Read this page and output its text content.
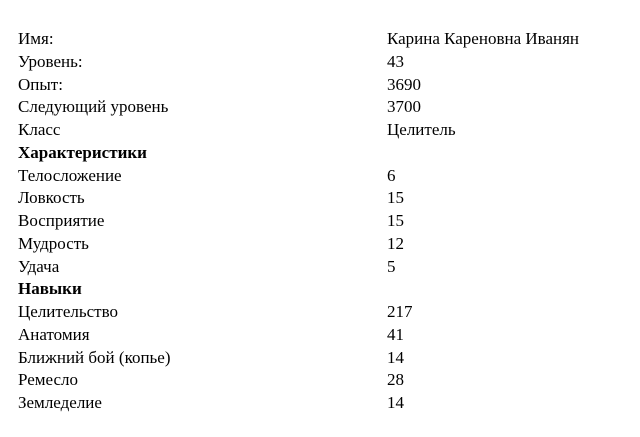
Имя:	Карина Кареновна Иванян
Уровень:	43
Опыт:	3690
Следующий уровень	3700
Класс	Целитель
Характеристики
Телосложение	6
Ловкость	15
Восприятие	15
Мудрость	12
Удача	5
Навыки
Целительство	217
Анатомия	41
Ближний бой (копье)	14
Ремесло	28
Земледелие	14
